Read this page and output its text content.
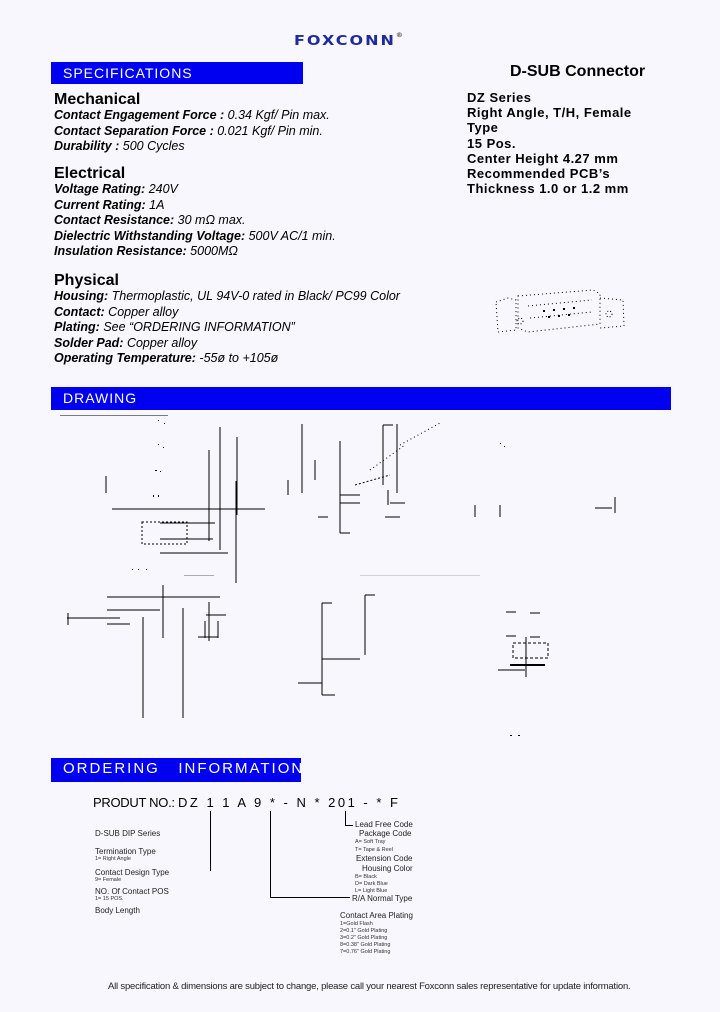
FOXCONN®
SPECIFICATIONS	D-SUB Connector
DZ Series
Right Angle, T/H, Female
Type
15 Pos.
Center Height 4.27 mm
Recommended PCB’s
Thickness 1.0 or 1.2 mm
Mechanical
Contact Engagement Force : 0.34 Kgf/ Pin max.
Contact Separation Force : 0.021 Kgf/ Pin min.
Durability : 500 Cycles
Electrical
Voltage Rating: 240V
Current Rating: 1A
Contact Resistance: 30 mΩ max.
Dielectric Withstanding Voltage: 500V AC/1 min.
Insulation Resistance: 5000MΩ
Physical
Housing: Thermoplastic, UL 94V-0 rated in Black/ PC99 Color
Contact: Copper alloy
Plating: See “ORDERING INFORMATION”
Solder Pad: Copper alloy
Operating Temperature: -55ø to +105ø
DRAWING
ORDERING   INFORMATION
PRODUT NO.: DZ 1 1 A 9 * - N * 201 - * F
D-SUB DIP Series
Termination Type
1= Right Angle
Contact Design Type
9= Female
NO. Of Contact POS
1= 15 POS.
Body Length
Lead Free Code
Package Code
A= Soft Tray
T= Tape & Reel
Extension Code
Housing Color
B= Black
D= Dark Blue
L= Light Blue
R/A Normal Type
Contact Area Plating
1=Gold Flash
2=0.1" Gold Plating
3=0.2" Gold Plating
8=0.38" Gold Plating
7=0.76" Gold Plating
All specification & dimensions are subject to change, please call your nearest Foxconn sales representative for update information.
